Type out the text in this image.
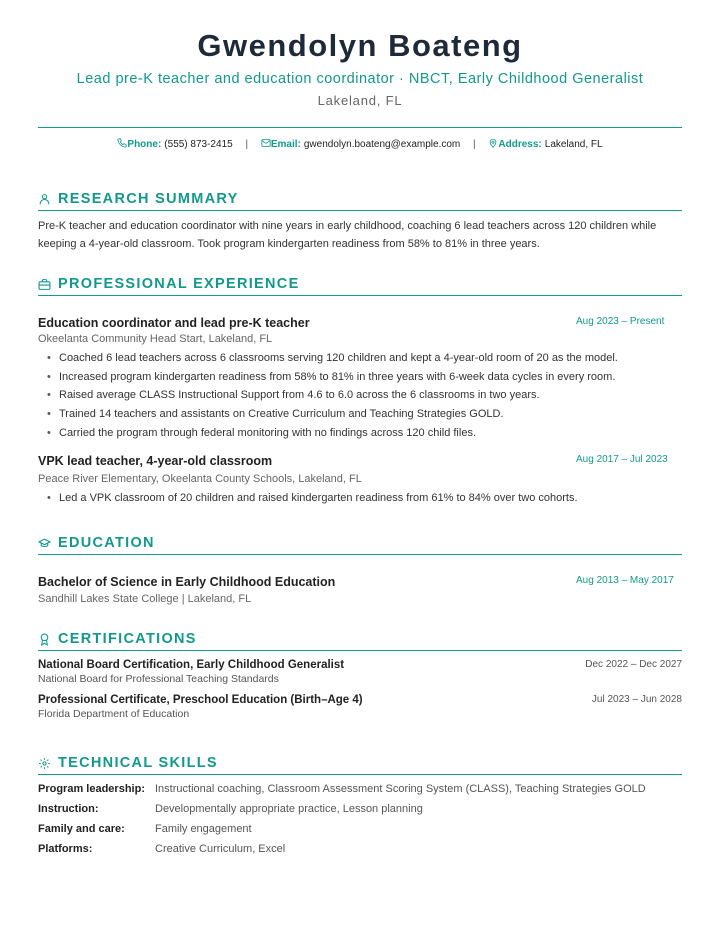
Gwendolyn Boateng
Lead pre-K teacher and education coordinator · NBCT, Early Childhood Generalist
Lakeland, FL
Phone: (555) 873-2415 | Email: gwendolyn.boateng@example.com | Address: Lakeland, FL
RESEARCH SUMMARY
Pre-K teacher and education coordinator with nine years in early childhood, coaching 6 lead teachers across 120 children while keeping a 4-year-old classroom. Took program kindergarten readiness from 58% to 81% in three years.
PROFESSIONAL EXPERIENCE
Education coordinator and lead pre-K teacher	Aug 2023 – Present
Okeelanta Community Head Start, Lakeland, FL
• Coached 6 lead teachers across 6 classrooms serving 120 children and kept a 4-year-old room of 20 as the model.
• Increased program kindergarten readiness from 58% to 81% in three years with 6-week data cycles in every room.
• Raised average CLASS Instructional Support from 4.6 to 6.0 across the 6 classrooms in two years.
• Trained 14 teachers and assistants on Creative Curriculum and Teaching Strategies GOLD.
• Carried the program through federal monitoring with no findings across 120 child files.
VPK lead teacher, 4-year-old classroom	Aug 2017 – Jul 2023
Peace River Elementary, Okeelanta County Schools, Lakeland, FL
• Led a VPK classroom of 20 children and raised kindergarten readiness from 61% to 84% over two cohorts.
EDUCATION
Bachelor of Science in Early Childhood Education	Aug 2013 – May 2017
Sandhill Lakes State College | Lakeland, FL
CERTIFICATIONS
National Board Certification, Early Childhood Generalist	Dec 2022 – Dec 2027
National Board for Professional Teaching Standards
Professional Certificate, Preschool Education (Birth–Age 4)	Jul 2023 – Jun 2028
Florida Department of Education
TECHNICAL SKILLS
Program leadership: Instructional coaching, Classroom Assessment Scoring System (CLASS), Teaching Strategies GOLD
Instruction:	Developmentally appropriate practice, Lesson planning
Family and care:	Family engagement
Platforms:	Creative Curriculum, Excel
